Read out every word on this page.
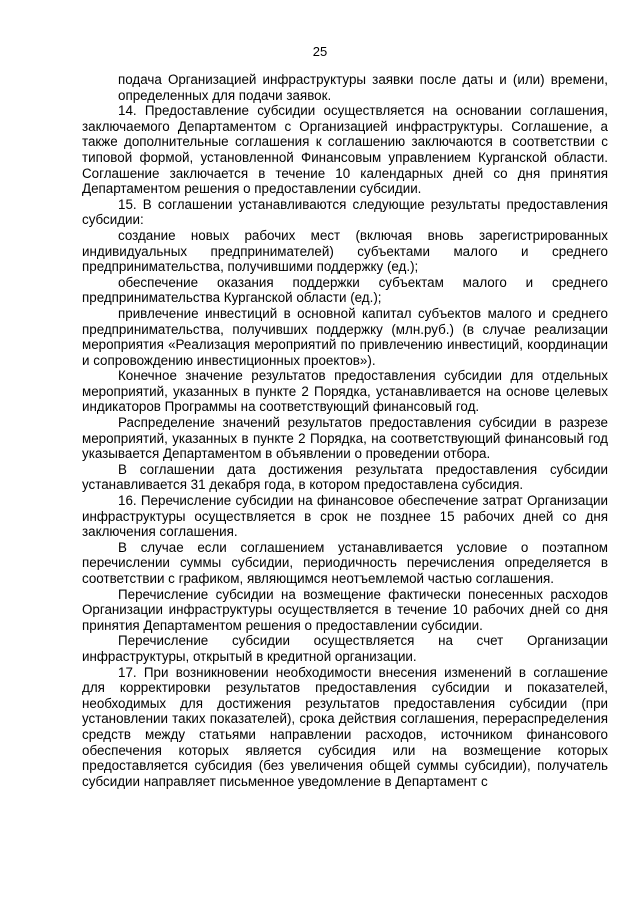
25

подача Организацией инфраструктуры заявки после даты и (или) времени, определенных для подачи заявок.

14. Предоставление субсидии осуществляется на основании соглашения, заключаемого Департаментом с Организацией инфраструктуры. Соглашение, а также дополнительные соглашения к соглашению заключаются в соответствии с типовой формой, установленной Финансовым управлением Курганской области. Соглашение заключается в течение 10 календарных дней со дня принятия Департаментом решения о предоставлении субсидии.

15. В соглашении устанавливаются следующие результаты предоставления субсидии:

создание новых рабочих мест (включая вновь зарегистрированных индивидуальных предпринимателей) субъектами малого и среднего предпринимательства, получившими поддержку (ед.);

обеспечение оказания поддержки субъектам малого и среднего предпринимательства Курганской области (ед.);

привлечение инвестиций в основной капитал субъектов малого и среднего предпринимательства, получивших поддержку (млн.руб.) (в случае реализации мероприятия «Реализация мероприятий по привлечению инвестиций, координации и сопровождению инвестиционных проектов»).

Конечное значение результатов предоставления субсидии для отдельных мероприятий, указанных в пункте 2 Порядка, устанавливается на основе целевых индикаторов Программы на соответствующий финансовый год.

Распределение значений результатов предоставления субсидии в разрезе мероприятий, указанных в пункте 2 Порядка, на соответствующий финансовый год указывается Департаментом в объявлении о проведении отбора.

В соглашении дата достижения результата предоставления субсидии устанавливается 31 декабря года, в котором предоставлена субсидия.

16. Перечисление субсидии на финансовое обеспечение затрат Организации инфраструктуры осуществляется в срок не позднее 15 рабочих дней со дня заключения соглашения.

В случае если соглашением устанавливается условие о поэтапном перечислении суммы субсидии, периодичность перечисления определяется в соответствии с графиком, являющимся неотъемлемой частью соглашения.

Перечисление субсидии на возмещение фактически понесенных расходов Организации инфраструктуры осуществляется в течение 10 рабочих дней со дня принятия Департаментом решения о предоставлении субсидии.

Перечисление субсидии осуществляется на счет Организации инфраструктуры, открытый в кредитной организации.

17. При возникновении необходимости внесения изменений в соглашение для корректировки результатов предоставления субсидии и показателей, необходимых для достижения результатов предоставления субсидии (при установлении таких показателей), срока действия соглашения, перераспределения средств между статьями направлении расходов, источником финансового обеспечения которых является субсидия или на возмещение которых предоставляется субсидия (без увеличения общей суммы субсидии), получатель субсидии направляет письменное уведомление в Департамент с
